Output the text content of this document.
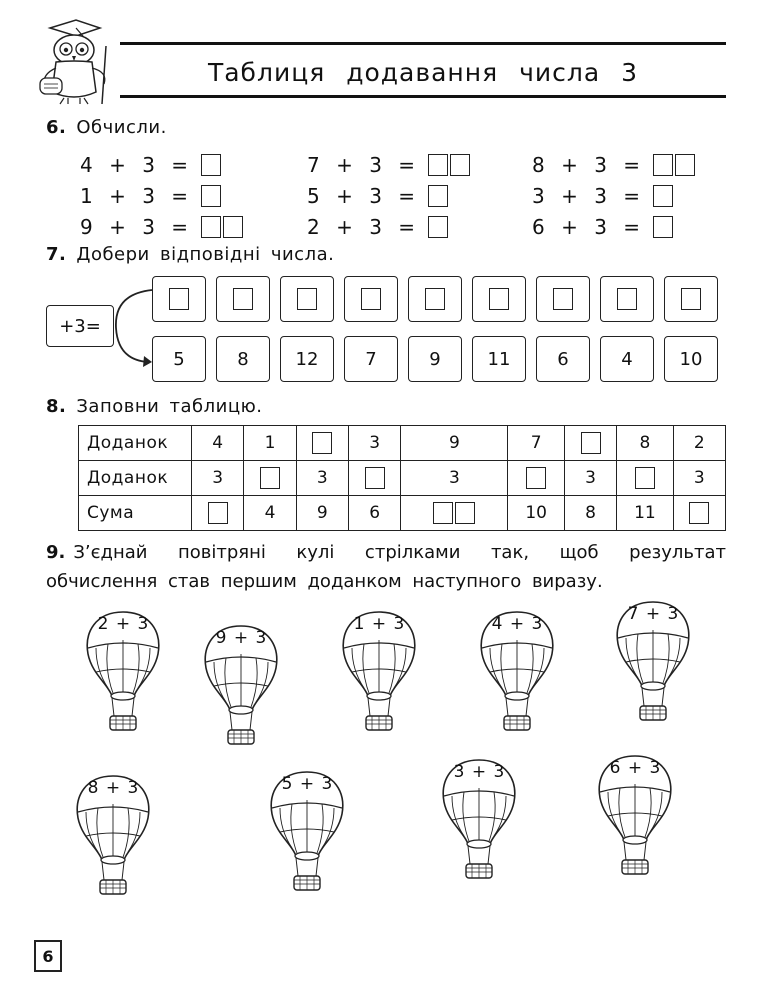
Таблиця додавання числа 3
6. Обчисли.
4 + 3 =
1 + 3 =
9 + 3 =
7 + 3 =
5 + 3 =
2 + 3 =
8 + 3 =
3 + 3 =
6 + 3 =
7. Добери відповідні числа.
+3=
5	8	12	7	9	11	6	4	10
8. Заповни таблицю.
Доданок	4	1		3	9	7		8	2
Доданок	3		3		3		3		3
Сума		4	9	6		10	8	11	
9. З’єднай повітряні кулі стрілками так, щоб результат обчислення став першим доданком наступного виразу.
2 + 3
9 + 3
1 + 3	4 + 3	7 + 3
8 + 3	5 + 3
3 + 3	6 + 3
6
